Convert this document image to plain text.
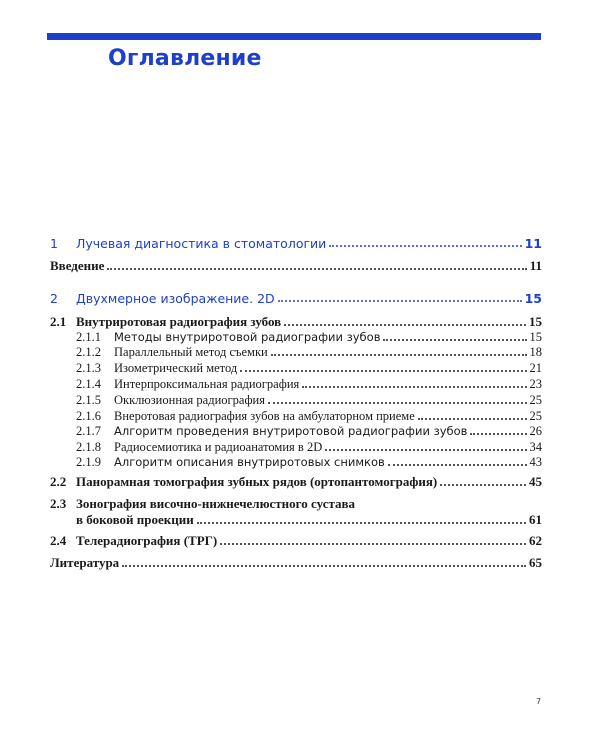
Оглавление
1 Лучевая диагностика в стоматологии	11
Введение	11
2 Двухмерное изображение. 2D	15
2.1 Внутриротовая радиография зубов	15
2.1.1 Методы внутриротовой радиографии зубов	15
2.1.2 Параллельный метод съемки	18
2.1.3 Изометрический метод	21
2.1.4 Интерпроксимальная радиография	23
2.1.5 Окклюзионная радиография	25
2.1.6 Внеротовая радиография зубов на амбулаторном приеме	25
2.1.7 Алгоритм проведения внутриротовой радиографии зубов	26
2.1.8 Радиосемиотика и радиоанатомия в 2D	34
2.1.9 Алгоритм описания внутриротовых снимков	43
2.2 Панорамная томография зубных рядов (ортопантомография)	45
2.3 Зонография височно-нижнечелюстного сустава
в боковой проекции	61
2.4 Телерадиография (ТРГ)	62
Литература	65
7
